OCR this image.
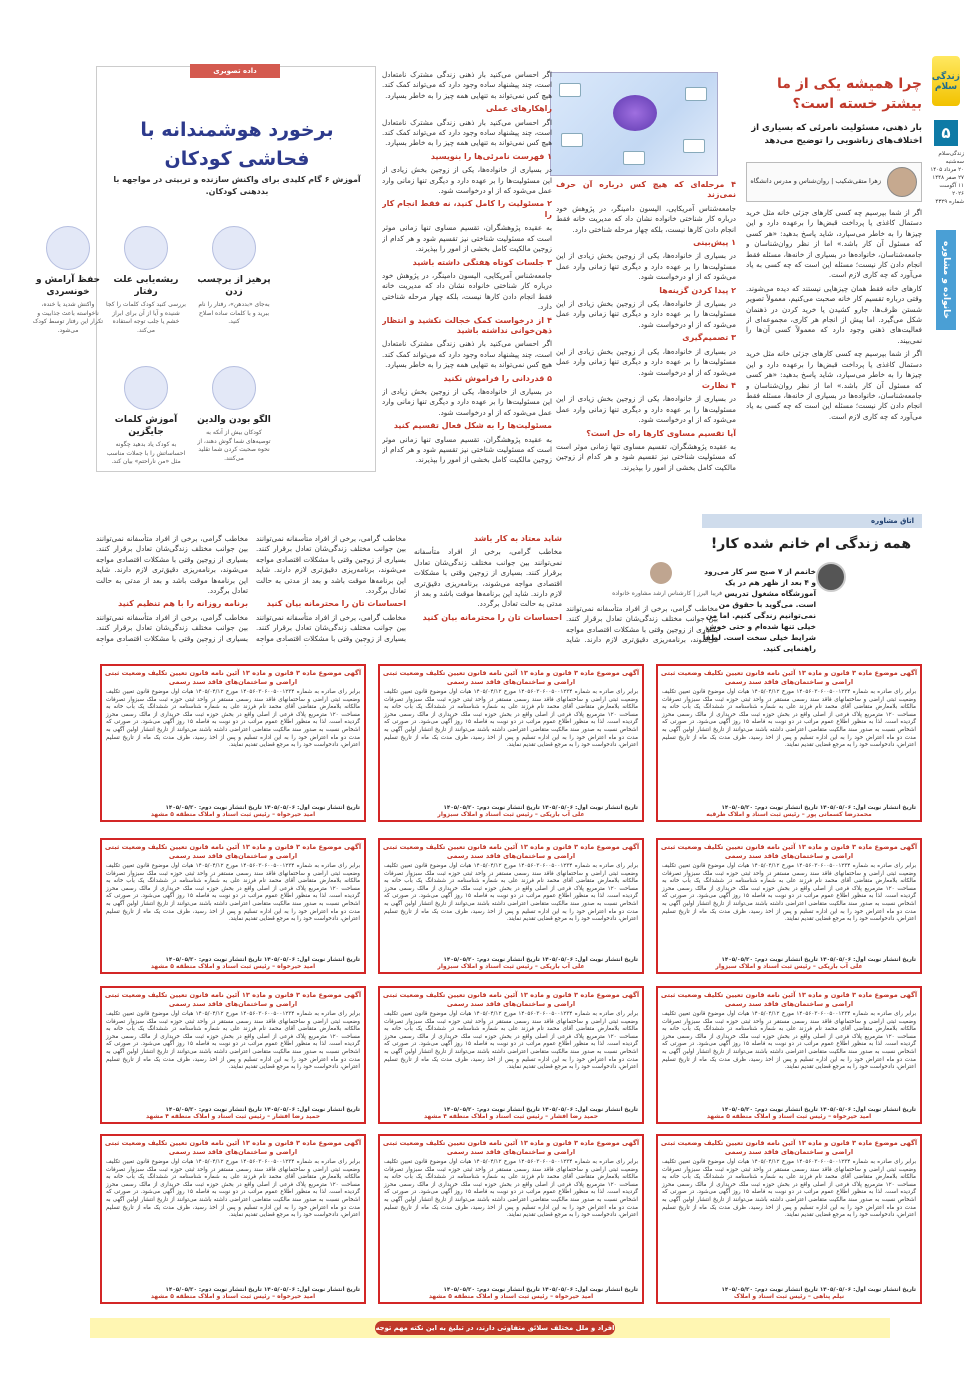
زندگی سلام
۵
زندگی‌سلام
سه‌شنبه
۲۰ مرداد ۱۴۰۵
۲۷ صفر ۱۴۴۸
۱۱ آگوست ۲۰۲۶
شماره ۴۳۲۹
خانواده و مشاوره
چرا همیشه یکی از ما بیشتر خسته است؟
بار ذهنی، مسئولیت نامرئی که بسیاری از اختلاف‌های زناشویی را توضیح می‌دهد
زهرا متقی‌شکیب | روان‌شناس و مدرس دانشگاه

اگر از شما بپرسیم چه کسی کارهای جزئی خانه مثل خرید دستمال کاغذی یا پرداخت قبض‌ها را برعهده دارد و این چیزها را به خاطر می‌سپارد، شاید پاسخ بدهید: «هر کسی که مسئول آن کار باشد.» اما از نظر روان‌شناسان و جامعه‌شناسان، خانواده‌ها در بسیاری از خانه‌ها، مسئله فقط انجام دادن کار نیست؛ مسئله این است که چه کسی به یاد می‌آورد که چه کاری لازم است.

کارهای خانه فقط همان چیزهایی نیستند که دیده می‌شوند. وقتی درباره تقسیم کار خانه صحبت می‌کنیم، معمولاً تصویر شستن ظرف‌ها، جارو کشیدن یا خرید کردن در ذهنمان شکل می‌گیرد. اما پیش از انجام هر کاری، مجموعه‌ای از فعالیت‌های ذهنی وجود دارد که معمولاً کسی آن‌ها را نمی‌بیند.

اگر از شما بپرسیم چه کسی کارهای جزئی خانه مثل خرید دستمال کاغذی یا پرداخت قبض‌ها را برعهده دارد و این چیزها را به خاطر می‌سپارد، شاید پاسخ بدهید: «هر کسی که مسئول آن کار باشد.» اما از نظر روان‌شناسان و جامعه‌شناسان، خانواده‌ها در بسیاری از خانه‌ها، مسئله فقط انجام دادن کار نیست؛ مسئله این است که چه کسی به یاد می‌آورد که چه کاری لازم است.

۴ مرحله‌ای که هیچ کس درباره آن حرف نمی‌زند

جامعه‌شناس آمریکایی، الیسون دامینگر، در پژوهش خود درباره کار شناختی خانواده نشان داد که مدیریت خانه فقط انجام دادن کارها نیست، بلکه چهار مرحله شناختی دارد.

۱ پیش‌بینی

در بسیاری از خانواده‌ها، یکی از زوجین بخش زیادی از این مسئولیت‌ها را بر عهده دارد و دیگری تنها زمانی وارد عمل می‌شود که از او درخواست شود.

۲ پیدا کردن گزینه‌ها

در بسیاری از خانواده‌ها، یکی از زوجین بخش زیادی از این مسئولیت‌ها را بر عهده دارد و دیگری تنها زمانی وارد عمل می‌شود که از او درخواست شود.

۳ تصمیم‌گیری

در بسیاری از خانواده‌ها، یکی از زوجین بخش زیادی از این مسئولیت‌ها را بر عهده دارد و دیگری تنها زمانی وارد عمل می‌شود که از او درخواست شود.

۴ نظارت

در بسیاری از خانواده‌ها، یکی از زوجین بخش زیادی از این مسئولیت‌ها را بر عهده دارد و دیگری تنها زمانی وارد عمل می‌شود که از او درخواست شود.

آیا تقسیم مساوی کارها راه حل است؟

به عقیده پژوهشگران، تقسیم مساوی تنها زمانی موثر است که مسئولیت شناختی نیز تقسیم شود و هر کدام از زوجین مالکیت کامل بخشی از امور را بپذیرند.

اگر احساس می‌کنید بار ذهنی زندگی مشترک نامتعادل است، چند پیشنهاد ساده وجود دارد که می‌تواند کمک کند. هیچ کس نمی‌تواند به تنهایی همه چیز را به خاطر بسپارد.

راهکارهای عملی

اگر احساس می‌کنید بار ذهنی زندگی مشترک نامتعادل است، چند پیشنهاد ساده وجود دارد که می‌تواند کمک کند. هیچ کس نمی‌تواند به تنهایی همه چیز را به خاطر بسپارد.

۱ فهرست نامرئی‌ها را بنویسید

در بسیاری از خانواده‌ها، یکی از زوجین بخش زیادی از این مسئولیت‌ها را بر عهده دارد و دیگری تنها زمانی وارد عمل می‌شود که از او درخواست شود.

۲ مسئولیت را کامل کنید، نه فقط انجام کار را

به عقیده پژوهشگران، تقسیم مساوی تنها زمانی موثر است که مسئولیت شناختی نیز تقسیم شود و هر کدام از زوجین مالکیت کامل بخشی از امور را بپذیرند.

۳ جلسات کوتاه هفتگی داشته باشید

جامعه‌شناس آمریکایی، الیسون دامینگر، در پژوهش خود درباره کار شناختی خانواده نشان داد که مدیریت خانه فقط انجام دادن کارها نیست، بلکه چهار مرحله شناختی دارد.

۴ از درخواست کمک خجالت نکشید و انتظار ذهن‌خوانی نداشته باشید

اگر احساس می‌کنید بار ذهنی زندگی مشترک نامتعادل است، چند پیشنهاد ساده وجود دارد که می‌تواند کمک کند. هیچ کس نمی‌تواند به تنهایی همه چیز را به خاطر بسپارد.

۵ قدردانی را فراموش نکنید

در بسیاری از خانواده‌ها، یکی از زوجین بخش زیادی از این مسئولیت‌ها را بر عهده دارد و دیگری تنها زمانی وارد عمل می‌شود که از او درخواست شود.

مسئولیت‌ها را به شکل فعال تقسیم کنید

به عقیده پژوهشگران، تقسیم مساوی تنها زمانی موثر است که مسئولیت شناختی نیز تقسیم شود و هر کدام از زوجین مالکیت کامل بخشی از امور را بپذیرند.

داده تصویری
برخورد هوشمندانه با فحاشی کودکان
آموزش ۶ گام کلیدی برای واکنش سازنده و تربیتی در مواجهه با بددهنی کودکان.
پرهیز از برچسب زدن
به‌جای «بددهن»، رفتار را نام ببرید و با کلمات ساده اصلاح کنید.
ریشه‌یابی علت رفتار
بررسی کنید کودک کلمات را کجا شنیده و آیا از آن برای ابراز خشم یا جلب توجه استفاده می‌کند.
حفظ آرامش و خونسردی
واکنش شدید یا خنده، ناخواسته باعث جذابیت و تکرار این رفتار توسط کودک می‌شود.
الگو بودن والدین
کودکان بیش از آنکه به توصیه‌های شما گوش دهند، از نحوه صحبت کردن شما تقلید می‌کنند.
آموزش کلمات جایگزین
به کودک یاد بدهید چگونه احساساتش را با جملات مناسب مثل «من ناراحتم» بیان کند.
اتاق مشاوره
همه زندگی ‌ام خانم شده کار!
فریبا البرز | کارشناس ارشد مشاوره خانواده
خانمم از ۷ صبح سر کار می‌رود و ۴ بعد از ظهر هم در یک آموزشگاه مشغول تدریس است. می‌گوید با حقوق من نمی‌توانیم زندگی کنیم. اما من خیلی تنها شده‌ام و حتی خوش شرایط خیلی سخت است. لطفاً راهنمایی کنید.
مخاطب گرامی، برخی از افراد متأسفانه نمی‌توانند بین جوانب مختلف زندگی‌شان تعادل برقرار کنند. بسیاری از زوجین وقتی با مشکلات اقتصادی مواجه می‌شوند، برنامه‌ریزی دقیق‌تری لازم دارند. شاید

شاید معتاد به کار باشد

مخاطب گرامی، برخی از افراد متأسفانه نمی‌توانند بین جوانب مختلف زندگی‌شان تعادل برقرار کنند. بسیاری از زوجین وقتی با مشکلات اقتصادی مواجه می‌شوند، برنامه‌ریزی دقیق‌تری لازم دارند. شاید این برنامه‌ها موقت باشد و بعد از مدتی به حالت تعادل برگردد.

احساسات تان را محترمانه بیان کنید

مخاطب گرامی، برخی از افراد متأسفانه نمی‌توانند بین جوانب مختلف زندگی‌شان تعادل برقرار کنند. بسیاری از زوجین وقتی با مشکلات اقتصادی مواجه می‌شوند، برنامه‌ریزی دقیق‌تری لازم دارند. شاید این برنامه‌ها موقت باشد و بعد از مدتی به حالت تعادل برگردد.

احساسات تان را محترمانه بیان کنید

مخاطب گرامی، برخی از افراد متأسفانه نمی‌توانند بین جوانب مختلف زندگی‌شان تعادل برقرار کنند. بسیاری از زوجین وقتی با مشکلات اقتصادی مواجه

مخاطب گرامی، برخی از افراد متأسفانه نمی‌توانند بین جوانب مختلف زندگی‌شان تعادل برقرار کنند. بسیاری از زوجین وقتی با مشکلات اقتصادی مواجه می‌شوند، برنامه‌ریزی دقیق‌تری لازم دارند. شاید این برنامه‌ها موقت باشد و بعد از مدتی به حالت تعادل برگردد.

برنامه روزانه را با هم تنظیم کنید

مخاطب گرامی، برخی از افراد متأسفانه نمی‌توانند بین جوانب مختلف زندگی‌شان تعادل برقرار کنند. بسیاری از زوجین وقتی با مشکلات اقتصادی مواجه

آگهی موضوع ماده ۳ قانون و ماده ۱۳ آئین نامه قانون تعیین تکلیف وضعیت ثبتی اراضی و ساختمان‌های فاقد سند رسمی
برابر رای صادره به شماره ۱۴۰۵۶۰۳۰۶۰۰۵۰۰۱۲۳۴ مورخ ۱۴۰۵/۰۴/۱۲ هیات اول موضوع قانون تعیین تکلیف وضعیت ثبتی اراضی و ساختمانهای فاقد سند رسمی مستقر در واحد ثبتی حوزه ثبت ملک سبزوار تصرفات مالکانه بلامعارض متقاضی آقای محمد نام فرزند علی به شماره شناسنامه در ششدانگ یک باب خانه به مساحت ۱۲۰ مترمربع پلاک فرعی از اصلی واقع در بخش حوزه ثبت ملک خریداری از مالک رسمی محرز گردیده است. لذا به منظور اطلاع عموم مراتب در دو نوبت به فاصله ۱۵ روز آگهی می‌شود. در صورتی که اشخاص نسبت به صدور سند مالکیت متقاضی اعتراضی داشته باشند می‌توانند از تاریخ انتشار اولین آگهی به مدت دو ماه اعتراض خود را به این اداره تسلیم و پس از اخذ رسید، ظرف مدت یک ماه از تاریخ تسلیم اعتراض، دادخواست خود را به مرجع قضایی تقدیم نمایند.
تاریخ انتشار نوبت اول: ۱۴۰۵/۰۵/۰۶ تاریخ انتشار نوبت دوم: ۱۴۰۵/۰۵/۲۰
محمدرضا کسمانی پور – رئیس ثبت اسناد و املاک طرقبه
آگهی موضوع ماده ۳ قانون و ماده ۱۳ آئین نامه قانون تعیین تکلیف وضعیت ثبتی اراضی و ساختمان‌های فاقد سند رسمی
برابر رای صادره به شماره ۱۴۰۵۶۰۳۰۶۰۰۵۰۰۱۲۳۴ مورخ ۱۴۰۵/۰۴/۱۲ هیات اول موضوع قانون تعیین تکلیف وضعیت ثبتی اراضی و ساختمانهای فاقد سند رسمی مستقر در واحد ثبتی حوزه ثبت ملک سبزوار تصرفات مالکانه بلامعارض متقاضی آقای محمد نام فرزند علی به شماره شناسنامه در ششدانگ یک باب خانه به مساحت ۱۲۰ مترمربع پلاک فرعی از اصلی واقع در بخش حوزه ثبت ملک خریداری از مالک رسمی محرز گردیده است. لذا به منظور اطلاع عموم مراتب در دو نوبت به فاصله ۱۵ روز آگهی می‌شود. در صورتی که اشخاص نسبت به صدور سند مالکیت متقاضی اعتراضی داشته باشند می‌توانند از تاریخ انتشار اولین آگهی به مدت دو ماه اعتراض خود را به این اداره تسلیم و پس از اخذ رسید، ظرف مدت یک ماه از تاریخ تسلیم اعتراض، دادخواست خود را به مرجع قضایی تقدیم نمایند.
تاریخ انتشار نوبت اول: ۱۴۰۵/۰۵/۰۶ تاریخ انتشار نوبت دوم: ۱۴۰۵/۰۵/۲۰
علی آب باریکی – رئیس ثبت اسناد و املاک سبزوار
آگهی موضوع ماده ۳ قانون و ماده ۱۳ آئین نامه قانون تعیین تکلیف وضعیت ثبتی اراضی و ساختمان‌های فاقد سند رسمی
برابر رای صادره به شماره ۱۴۰۵۶۰۳۰۶۰۰۵۰۰۱۲۳۴ مورخ ۱۴۰۵/۰۴/۱۲ هیات اول موضوع قانون تعیین تکلیف وضعیت ثبتی اراضی و ساختمانهای فاقد سند رسمی مستقر در واحد ثبتی حوزه ثبت ملک سبزوار تصرفات مالکانه بلامعارض متقاضی آقای محمد نام فرزند علی به شماره شناسنامه در ششدانگ یک باب خانه به مساحت ۱۲۰ مترمربع پلاک فرعی از اصلی واقع در بخش حوزه ثبت ملک خریداری از مالک رسمی محرز گردیده است. لذا به منظور اطلاع عموم مراتب در دو نوبت به فاصله ۱۵ روز آگهی می‌شود. در صورتی که اشخاص نسبت به صدور سند مالکیت متقاضی اعتراضی داشته باشند می‌توانند از تاریخ انتشار اولین آگهی به مدت دو ماه اعتراض خود را به این اداره تسلیم و پس از اخذ رسید، ظرف مدت یک ماه از تاریخ تسلیم اعتراض، دادخواست خود را به مرجع قضایی تقدیم نمایند.
تاریخ انتشار نوبت اول: ۱۴۰۵/۰۵/۰۶ تاریخ انتشار نوبت دوم: ۱۴۰۵/۰۵/۲۰
امید خیرخواه – رئیس ثبت اسناد و املاک منطقه ۵ مشهد
آگهی موضوع ماده ۳ قانون و ماده ۱۳ آئین نامه قانون تعیین تکلیف وضعیت ثبتی اراضی و ساختمان‌های فاقد سند رسمی
برابر رای صادره به شماره ۱۴۰۵۶۰۳۰۶۰۰۵۰۰۱۲۳۴ مورخ ۱۴۰۵/۰۴/۱۲ هیات اول موضوع قانون تعیین تکلیف وضعیت ثبتی اراضی و ساختمانهای فاقد سند رسمی مستقر در واحد ثبتی حوزه ثبت ملک سبزوار تصرفات مالکانه بلامعارض متقاضی آقای محمد نام فرزند علی به شماره شناسنامه در ششدانگ یک باب خانه به مساحت ۱۲۰ مترمربع پلاک فرعی از اصلی واقع در بخش حوزه ثبت ملک خریداری از مالک رسمی محرز گردیده است. لذا به منظور اطلاع عموم مراتب در دو نوبت به فاصله ۱۵ روز آگهی می‌شود. در صورتی که اشخاص نسبت به صدور سند مالکیت متقاضی اعتراضی داشته باشند می‌توانند از تاریخ انتشار اولین آگهی به مدت دو ماه اعتراض خود را به این اداره تسلیم و پس از اخذ رسید، ظرف مدت یک ماه از تاریخ تسلیم اعتراض، دادخواست خود را به مرجع قضایی تقدیم نمایند.
تاریخ انتشار نوبت اول: ۱۴۰۵/۰۵/۰۶ تاریخ انتشار نوبت دوم: ۱۴۰۵/۰۵/۲۰
علی آب باریکی – رئیس ثبت اسناد و املاک سبزوار
آگهی موضوع ماده ۳ قانون و ماده ۱۳ آئین نامه قانون تعیین تکلیف وضعیت ثبتی اراضی و ساختمان‌های فاقد سند رسمی
برابر رای صادره به شماره ۱۴۰۵۶۰۳۰۶۰۰۵۰۰۱۲۳۴ مورخ ۱۴۰۵/۰۴/۱۲ هیات اول موضوع قانون تعیین تکلیف وضعیت ثبتی اراضی و ساختمانهای فاقد سند رسمی مستقر در واحد ثبتی حوزه ثبت ملک سبزوار تصرفات مالکانه بلامعارض متقاضی آقای محمد نام فرزند علی به شماره شناسنامه در ششدانگ یک باب خانه به مساحت ۱۲۰ مترمربع پلاک فرعی از اصلی واقع در بخش حوزه ثبت ملک خریداری از مالک رسمی محرز گردیده است. لذا به منظور اطلاع عموم مراتب در دو نوبت به فاصله ۱۵ روز آگهی می‌شود. در صورتی که اشخاص نسبت به صدور سند مالکیت متقاضی اعتراضی داشته باشند می‌توانند از تاریخ انتشار اولین آگهی به مدت دو ماه اعتراض خود را به این اداره تسلیم و پس از اخذ رسید، ظرف مدت یک ماه از تاریخ تسلیم اعتراض، دادخواست خود را به مرجع قضایی تقدیم نمایند.
تاریخ انتشار نوبت اول: ۱۴۰۵/۰۵/۰۶ تاریخ انتشار نوبت دوم: ۱۴۰۵/۰۵/۲۰
علی آب باریکی – رئیس ثبت اسناد و املاک سبزوار
آگهی موضوع ماده ۳ قانون و ماده ۱۳ آئین نامه قانون تعیین تکلیف وضعیت ثبتی اراضی و ساختمان‌های فاقد سند رسمی
برابر رای صادره به شماره ۱۴۰۵۶۰۳۰۶۰۰۵۰۰۱۲۳۴ مورخ ۱۴۰۵/۰۴/۱۲ هیات اول موضوع قانون تعیین تکلیف وضعیت ثبتی اراضی و ساختمانهای فاقد سند رسمی مستقر در واحد ثبتی حوزه ثبت ملک سبزوار تصرفات مالکانه بلامعارض متقاضی آقای محمد نام فرزند علی به شماره شناسنامه در ششدانگ یک باب خانه به مساحت ۱۲۰ مترمربع پلاک فرعی از اصلی واقع در بخش حوزه ثبت ملک خریداری از مالک رسمی محرز گردیده است. لذا به منظور اطلاع عموم مراتب در دو نوبت به فاصله ۱۵ روز آگهی می‌شود. در صورتی که اشخاص نسبت به صدور سند مالکیت متقاضی اعتراضی داشته باشند می‌توانند از تاریخ انتشار اولین آگهی به مدت دو ماه اعتراض خود را به این اداره تسلیم و پس از اخذ رسید، ظرف مدت یک ماه از تاریخ تسلیم اعتراض، دادخواست خود را به مرجع قضایی تقدیم نمایند.
تاریخ انتشار نوبت اول: ۱۴۰۵/۰۵/۰۶ تاریخ انتشار نوبت دوم: ۱۴۰۵/۰۵/۲۰
امید خیرخواه – رئیس ثبت اسناد و املاک منطقه ۵ مشهد
آگهی موضوع ماده ۳ قانون و ماده ۱۳ آئین نامه قانون تعیین تکلیف وضعیت ثبتی اراضی و ساختمان‌های فاقد سند رسمی
برابر رای صادره به شماره ۱۴۰۵۶۰۳۰۶۰۰۵۰۰۱۲۳۴ مورخ ۱۴۰۵/۰۴/۱۲ هیات اول موضوع قانون تعیین تکلیف وضعیت ثبتی اراضی و ساختمانهای فاقد سند رسمی مستقر در واحد ثبتی حوزه ثبت ملک سبزوار تصرفات مالکانه بلامعارض متقاضی آقای محمد نام فرزند علی به شماره شناسنامه در ششدانگ یک باب خانه به مساحت ۱۲۰ مترمربع پلاک فرعی از اصلی واقع در بخش حوزه ثبت ملک خریداری از مالک رسمی محرز گردیده است. لذا به منظور اطلاع عموم مراتب در دو نوبت به فاصله ۱۵ روز آگهی می‌شود. در صورتی که اشخاص نسبت به صدور سند مالکیت متقاضی اعتراضی داشته باشند می‌توانند از تاریخ انتشار اولین آگهی به مدت دو ماه اعتراض خود را به این اداره تسلیم و پس از اخذ رسید، ظرف مدت یک ماه از تاریخ تسلیم اعتراض، دادخواست خود را به مرجع قضایی تقدیم نمایند.
تاریخ انتشار نوبت اول: ۱۴۰۵/۰۵/۰۶ تاریخ انتشار نوبت دوم: ۱۴۰۵/۰۵/۲۰
امید خیرخواه – رئیس ثبت اسناد و املاک منطقه ۵ مشهد
آگهی موضوع ماده ۳ قانون و ماده ۱۳ آئین نامه قانون تعیین تکلیف وضعیت ثبتی اراضی و ساختمان‌های فاقد سند رسمی
برابر رای صادره به شماره ۱۴۰۵۶۰۳۰۶۰۰۵۰۰۱۲۳۴ مورخ ۱۴۰۵/۰۴/۱۲ هیات اول موضوع قانون تعیین تکلیف وضعیت ثبتی اراضی و ساختمانهای فاقد سند رسمی مستقر در واحد ثبتی حوزه ثبت ملک سبزوار تصرفات مالکانه بلامعارض متقاضی آقای محمد نام فرزند علی به شماره شناسنامه در ششدانگ یک باب خانه به مساحت ۱۲۰ مترمربع پلاک فرعی از اصلی واقع در بخش حوزه ثبت ملک خریداری از مالک رسمی محرز گردیده است. لذا به منظور اطلاع عموم مراتب در دو نوبت به فاصله ۱۵ روز آگهی می‌شود. در صورتی که اشخاص نسبت به صدور سند مالکیت متقاضی اعتراضی داشته باشند می‌توانند از تاریخ انتشار اولین آگهی به مدت دو ماه اعتراض خود را به این اداره تسلیم و پس از اخذ رسید، ظرف مدت یک ماه از تاریخ تسلیم اعتراض، دادخواست خود را به مرجع قضایی تقدیم نمایند.
تاریخ انتشار نوبت اول: ۱۴۰۵/۰۵/۰۶ تاریخ انتشار نوبت دوم: ۱۴۰۵/۰۵/۲۰
حمید رضا افشار – رئیس ثبت اسناد و املاک منطقه ۴ مشهد
آگهی موضوع ماده ۳ قانون و ماده ۱۳ آئین نامه قانون تعیین تکلیف وضعیت ثبتی اراضی و ساختمان‌های فاقد سند رسمی
برابر رای صادره به شماره ۱۴۰۵۶۰۳۰۶۰۰۵۰۰۱۲۳۴ مورخ ۱۴۰۵/۰۴/۱۲ هیات اول موضوع قانون تعیین تکلیف وضعیت ثبتی اراضی و ساختمانهای فاقد سند رسمی مستقر در واحد ثبتی حوزه ثبت ملک سبزوار تصرفات مالکانه بلامعارض متقاضی آقای محمد نام فرزند علی به شماره شناسنامه در ششدانگ یک باب خانه به مساحت ۱۲۰ مترمربع پلاک فرعی از اصلی واقع در بخش حوزه ثبت ملک خریداری از مالک رسمی محرز گردیده است. لذا به منظور اطلاع عموم مراتب در دو نوبت به فاصله ۱۵ روز آگهی می‌شود. در صورتی که اشخاص نسبت به صدور سند مالکیت متقاضی اعتراضی داشته باشند می‌توانند از تاریخ انتشار اولین آگهی به مدت دو ماه اعتراض خود را به این اداره تسلیم و پس از اخذ رسید، ظرف مدت یک ماه از تاریخ تسلیم اعتراض، دادخواست خود را به مرجع قضایی تقدیم نمایند.
تاریخ انتشار نوبت اول: ۱۴۰۵/۰۵/۰۶ تاریخ انتشار نوبت دوم: ۱۴۰۵/۰۵/۲۰
حمید رضا افشار – رئیس ثبت اسناد و املاک منطقه ۴ مشهد
آگهی موضوع ماده ۳ قانون و ماده ۱۳ آئین نامه قانون تعیین تکلیف وضعیت ثبتی اراضی و ساختمان‌های فاقد سند رسمی
برابر رای صادره به شماره ۱۴۰۵۶۰۳۰۶۰۰۵۰۰۱۲۳۴ مورخ ۱۴۰۵/۰۴/۱۲ هیات اول موضوع قانون تعیین تکلیف وضعیت ثبتی اراضی و ساختمانهای فاقد سند رسمی مستقر در واحد ثبتی حوزه ثبت ملک سبزوار تصرفات مالکانه بلامعارض متقاضی آقای محمد نام فرزند علی به شماره شناسنامه در ششدانگ یک باب خانه به مساحت ۱۲۰ مترمربع پلاک فرعی از اصلی واقع در بخش حوزه ثبت ملک خریداری از مالک رسمی محرز گردیده است. لذا به منظور اطلاع عموم مراتب در دو نوبت به فاصله ۱۵ روز آگهی می‌شود. در صورتی که اشخاص نسبت به صدور سند مالکیت متقاضی اعتراضی داشته باشند می‌توانند از تاریخ انتشار اولین آگهی به مدت دو ماه اعتراض خود را به این اداره تسلیم و پس از اخذ رسید، ظرف مدت یک ماه از تاریخ تسلیم اعتراض، دادخواست خود را به مرجع قضایی تقدیم نمایند.
تاریخ انتشار نوبت اول: ۱۴۰۵/۰۵/۰۶ تاریخ انتشار نوبت دوم: ۱۴۰۵/۰۵/۲۰
نیلم پناهی – رئیس ثبت اسناد و املاک
آگهی موضوع ماده ۳ قانون و ماده ۱۳ آئین نامه قانون تعیین تکلیف وضعیت ثبتی اراضی و ساختمان‌های فاقد سند رسمی
برابر رای صادره به شماره ۱۴۰۵۶۰۳۰۶۰۰۵۰۰۱۲۳۴ مورخ ۱۴۰۵/۰۴/۱۲ هیات اول موضوع قانون تعیین تکلیف وضعیت ثبتی اراضی و ساختمانهای فاقد سند رسمی مستقر در واحد ثبتی حوزه ثبت ملک سبزوار تصرفات مالکانه بلامعارض متقاضی آقای محمد نام فرزند علی به شماره شناسنامه در ششدانگ یک باب خانه به مساحت ۱۲۰ مترمربع پلاک فرعی از اصلی واقع در بخش حوزه ثبت ملک خریداری از مالک رسمی محرز گردیده است. لذا به منظور اطلاع عموم مراتب در دو نوبت به فاصله ۱۵ روز آگهی می‌شود. در صورتی که اشخاص نسبت به صدور سند مالکیت متقاضی اعتراضی داشته باشند می‌توانند از تاریخ انتشار اولین آگهی به مدت دو ماه اعتراض خود را به این اداره تسلیم و پس از اخذ رسید، ظرف مدت یک ماه از تاریخ تسلیم اعتراض، دادخواست خود را به مرجع قضایی تقدیم نمایند.
تاریخ انتشار نوبت اول: ۱۴۰۵/۰۵/۰۶ تاریخ انتشار نوبت دوم: ۱۴۰۵/۰۵/۲۰
امید خیرخواه – رئیس ثبت اسناد و املاک منطقه ۵ مشهد
آگهی موضوع ماده ۳ قانون و ماده ۱۳ آئین نامه قانون تعیین تکلیف وضعیت ثبتی اراضی و ساختمان‌های فاقد سند رسمی
برابر رای صادره به شماره ۱۴۰۵۶۰۳۰۶۰۰۵۰۰۱۲۳۴ مورخ ۱۴۰۵/۰۴/۱۲ هیات اول موضوع قانون تعیین تکلیف وضعیت ثبتی اراضی و ساختمانهای فاقد سند رسمی مستقر در واحد ثبتی حوزه ثبت ملک سبزوار تصرفات مالکانه بلامعارض متقاضی آقای محمد نام فرزند علی به شماره شناسنامه در ششدانگ یک باب خانه به مساحت ۱۲۰ مترمربع پلاک فرعی از اصلی واقع در بخش حوزه ثبت ملک خریداری از مالک رسمی محرز گردیده است. لذا به منظور اطلاع عموم مراتب در دو نوبت به فاصله ۱۵ روز آگهی می‌شود. در صورتی که اشخاص نسبت به صدور سند مالکیت متقاضی اعتراضی داشته باشند می‌توانند از تاریخ انتشار اولین آگهی به مدت دو ماه اعتراض خود را به این اداره تسلیم و پس از اخذ رسید، ظرف مدت یک ماه از تاریخ تسلیم اعتراض، دادخواست خود را به مرجع قضایی تقدیم نمایند.
تاریخ انتشار نوبت اول: ۱۴۰۵/۰۵/۰۶ تاریخ انتشار نوبت دوم: ۱۴۰۵/۰۵/۲۰
امید خیرخواه – رئیس ثبت اسناد و املاک منطقه ۵ مشهد
افراد و ملل مختلف سلائق متفاوتی دارند، در تبلیغ به این نکته مهم توجه کنید
